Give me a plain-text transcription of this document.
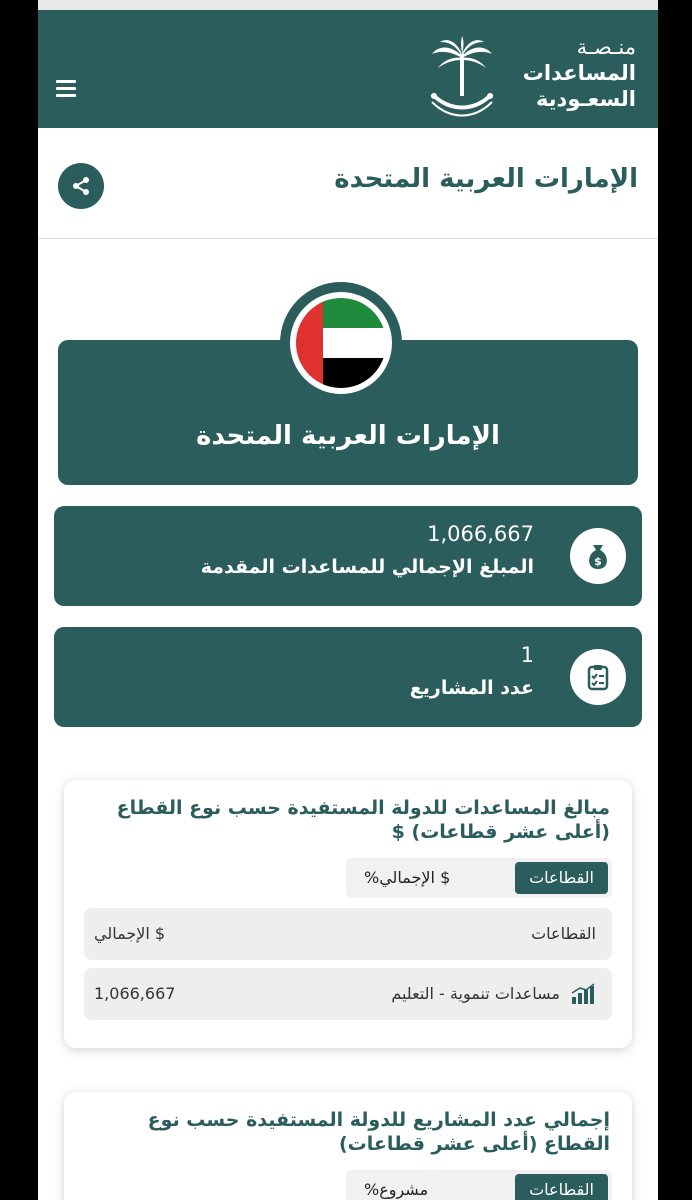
منـصـة
المساعدات
السعـودية
الإمارات العربية المتحدة
الإمارات العربية المتحدة
$
1,066,667
المبلغ الإجمالي للمساعدات المقدمة
1
عدد المشاريع
مبالغ المساعدات للدولة المستفيدة حسب نوع القطاع (أعلى عشر قطاعات) $
القطاعات
%الإجمالي $
القطاعات
الإجمالي $
مساعدات تنموية - التعليم
1,066,667
إجمالي عدد المشاريع للدولة المستفيدة حسب نوع القطاع (أعلى عشر قطاعات)
القطاعات
%مشروع
